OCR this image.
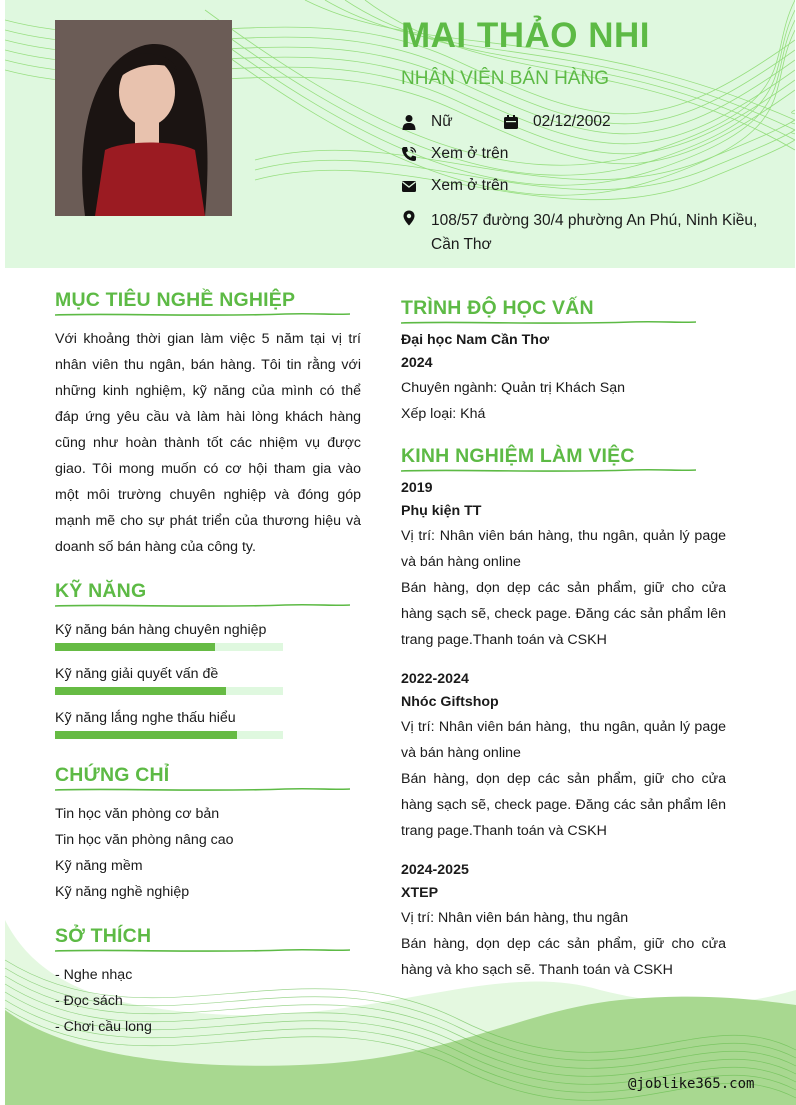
MAI THẢO NHI
NHÂN VIÊN BÁN HÀNG
Nữ	02/12/2002
Xem ở trên
Xem ở trên
108/57 đường 30/4 phường An Phú, Ninh Kiều, Cần Thơ
MỤC TIÊU NGHỀ NGHIỆP
Với khoảng thời gian làm việc 5 năm tại vị trí nhân viên thu ngân, bán hàng. Tôi tin rằng với những kinh nghiệm, kỹ năng của mình có thể đáp ứng yêu cầu và làm hài lòng khách hàng cũng như hoàn thành tốt các nhiệm vụ được giao. Tôi mong muốn có cơ hội tham gia vào một môi trường chuyên nghiệp và đóng góp mạnh mẽ cho sự phát triển của thương hiệu và doanh số bán hàng của công ty.
KỸ NĂNG
Kỹ năng bán hàng chuyên nghiệp
Kỹ năng giải quyết vấn đề
Kỹ năng lắng nghe thấu hiểu
CHỨNG CHỈ
Tin học văn phòng cơ bản
Tin học văn phòng nâng cao
Kỹ năng mềm
Kỹ năng nghề nghiệp
SỞ THÍCH
- Nghe nhạc
- Đọc sách
- Chơi cầu long
TRÌNH ĐỘ HỌC VẤN
Đại học Nam Cần Thơ
2024
Chuyên ngành: Quản trị Khách Sạn
Xếp loại: Khá
KINH NGHIỆM LÀM VIỆC
2019
Phụ kiện TT
Vị trí: Nhân viên bán hàng, thu ngân, quản lý page và bán hàng online
Bán hàng, dọn dẹp các sản phẩm, giữ cho cửa hàng sạch sẽ, check page. Đăng các sản phẩm lên trang page.Thanh toán và CSKH
2022-2024
Nhóc Giftshop
Vị trí: Nhân viên bán hàng,  thu ngân, quản lý page và bán hàng online
Bán hàng, dọn dẹp các sản phẩm, giữ cho cửa hàng sạch sẽ, check page. Đăng các sản phẩm lên trang page.Thanh toán và CSKH
2024-2025
XTEP
Vị trí: Nhân viên bán hàng, thu ngân
Bán hàng, dọn dẹp các sản phẩm, giữ cho cửa hàng và kho sạch sẽ. Thanh toán và CSKH
@joblike365.com
